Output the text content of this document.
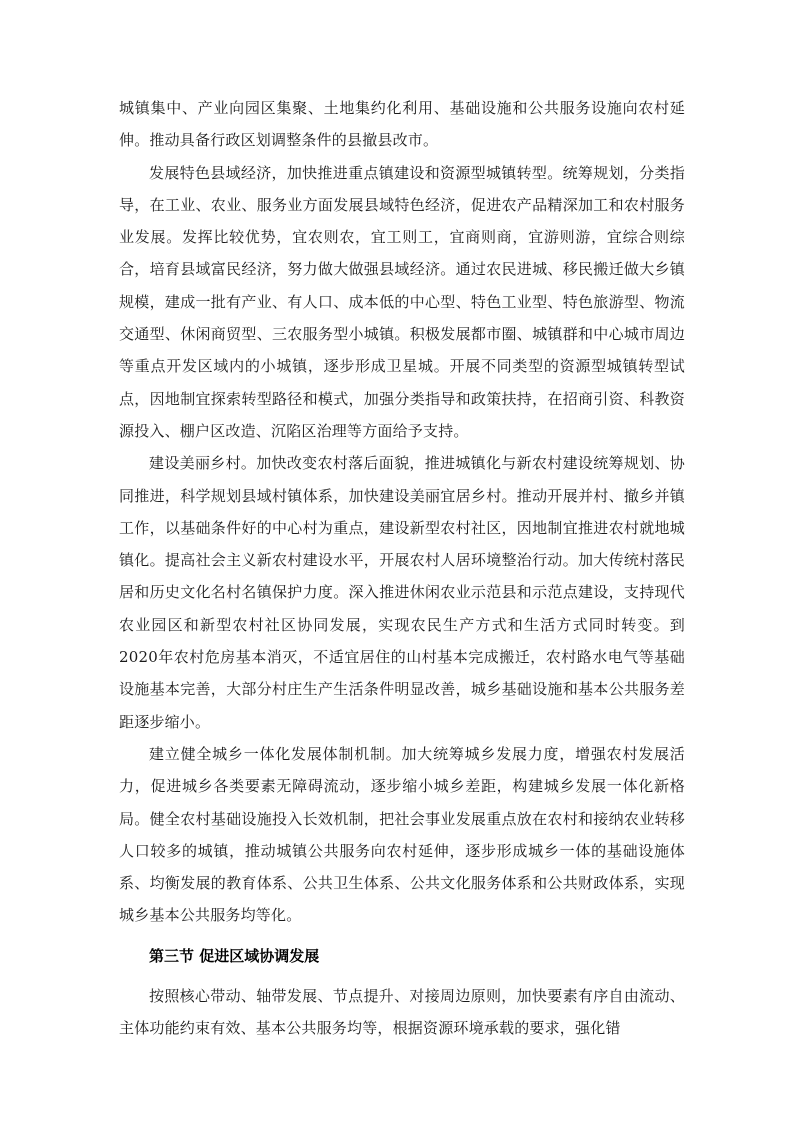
城镇集中、产业向园区集聚、土地集约化利用、基础设施和公共服务设施向农村延伸。推动具备行政区划调整条件的县撤县改市。

发展特色县域经济，加快推进重点镇建设和资源型城镇转型。统筹规划，分类指导，在工业、农业、服务业方面发展县域特色经济，促进农产品精深加工和农村服务业发展。发挥比较优势，宜农则农，宜工则工，宜商则商，宜游则游，宜综合则综合，培育县域富民经济，努力做大做强县域经济。通过农民进城、移民搬迁做大乡镇规模，建成一批有产业、有人口、成本低的中心型、特色工业型、特色旅游型、物流交通型、休闲商贸型、三农服务型小城镇。积极发展都市圈、城镇群和中心城市周边等重点开发区域内的小城镇，逐步形成卫星城。开展不同类型的资源型城镇转型试点，因地制宜探索转型路径和模式，加强分类指导和政策扶持，在招商引资、科教资源投入、棚户区改造、沉陷区治理等方面给予支持。

建设美丽乡村。加快改变农村落后面貌，推进城镇化与新农村建设统筹规划、协同推进，科学规划县域村镇体系，加快建设美丽宜居乡村。推动开展并村、撤乡并镇工作，以基础条件好的中心村为重点，建设新型农村社区，因地制宜推进农村就地城镇化。提高社会主义新农村建设水平，开展农村人居环境整治行动。加大传统村落民居和历史文化名村名镇保护力度。深入推进休闲农业示范县和示范点建设，支持现代农业园区和新型农村社区协同发展，实现农民生产方式和生活方式同时转变。到2020年农村危房基本消灭，不适宜居住的山村基本完成搬迁，农村路水电气等基础设施基本完善，大部分村庄生产生活条件明显改善，城乡基础设施和基本公共服务差距逐步缩小。

建立健全城乡一体化发展体制机制。加大统筹城乡发展力度，增强农村发展活力，促进城乡各类要素无障碍流动，逐步缩小城乡差距，构建城乡发展一体化新格局。健全农村基础设施投入长效机制，把社会事业发展重点放在农村和接纳农业转移人口较多的城镇，推动城镇公共服务向农村延伸，逐步形成城乡一体的基础设施体系、均衡发展的教育体系、公共卫生体系、公共文化服务体系和公共财政体系，实现城乡基本公共服务均等化。

第三节 促进区域协调发展

按照核心带动、轴带发展、节点提升、对接周边原则，加快要素有序自由流动、主体功能约束有效、基本公共服务均等，根据资源环境承载的要求，强化错
